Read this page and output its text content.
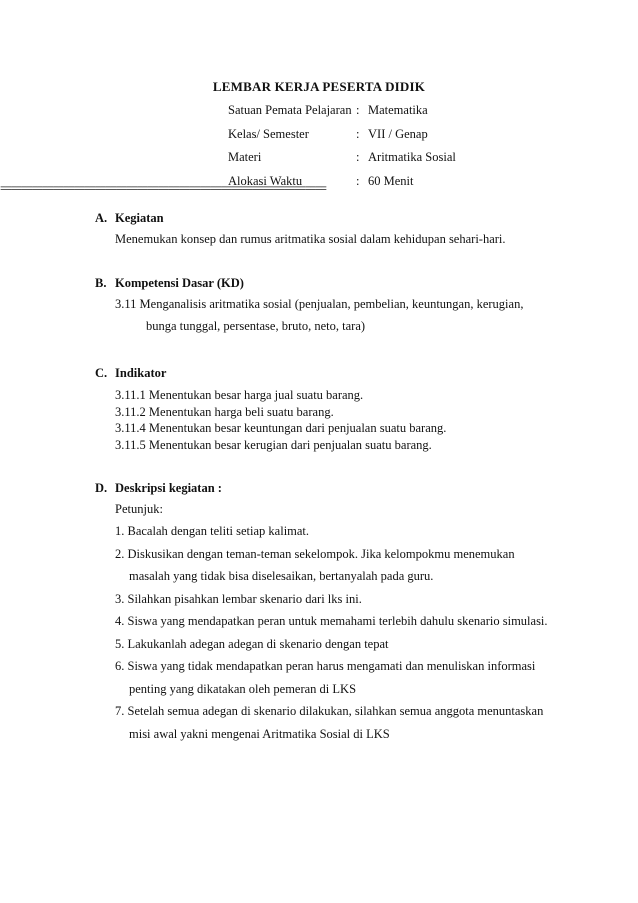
LEMBAR KERJA PESERTA DIDIK
Satuan Pemata Pelajaran : Matematika
Kelas/ Semester	: VII / Genap
Materi	: Aritmatika Sosial
Alokasi Waktu	: 60 Menit
==============================================================
A. Kegiatan
Menemukan konsep dan rumus aritmatika sosial dalam kehidupan sehari-hari.
B. Kompetensi Dasar (KD)
3.11 Menganalisis aritmatika sosial (penjualan, pembelian, keuntungan, kerugian,
bunga tunggal, persentase, bruto, neto, tara)
C. Indikator
3.11.1 Menentukan besar harga jual suatu barang.
3.11.2 Menentukan harga beli suatu barang.
3.11.4 Menentukan besar keuntungan dari penjualan suatu barang.
3.11.5 Menentukan besar kerugian dari penjualan suatu barang.
D. Deskripsi kegiatan :
Petunjuk:
1. Bacalah dengan teliti setiap kalimat.
2. Diskusikan dengan teman-teman sekelompok. Jika kelompokmu menemukan
masalah yang tidak bisa diselesaikan, bertanyalah pada guru.
3. Silahkan pisahkan lembar skenario dari lks ini.
4. Siswa yang mendapatkan peran untuk memahami terlebih dahulu skenario simulasi.
5. Lakukanlah adegan adegan di skenario dengan tepat
6. Siswa yang tidak mendapatkan peran harus mengamati dan menuliskan informasi
penting yang dikatakan oleh pemeran di LKS
7. Setelah semua adegan di skenario dilakukan, silahkan semua anggota menuntaskan
misi awal yakni mengenai Aritmatika Sosial di LKS
